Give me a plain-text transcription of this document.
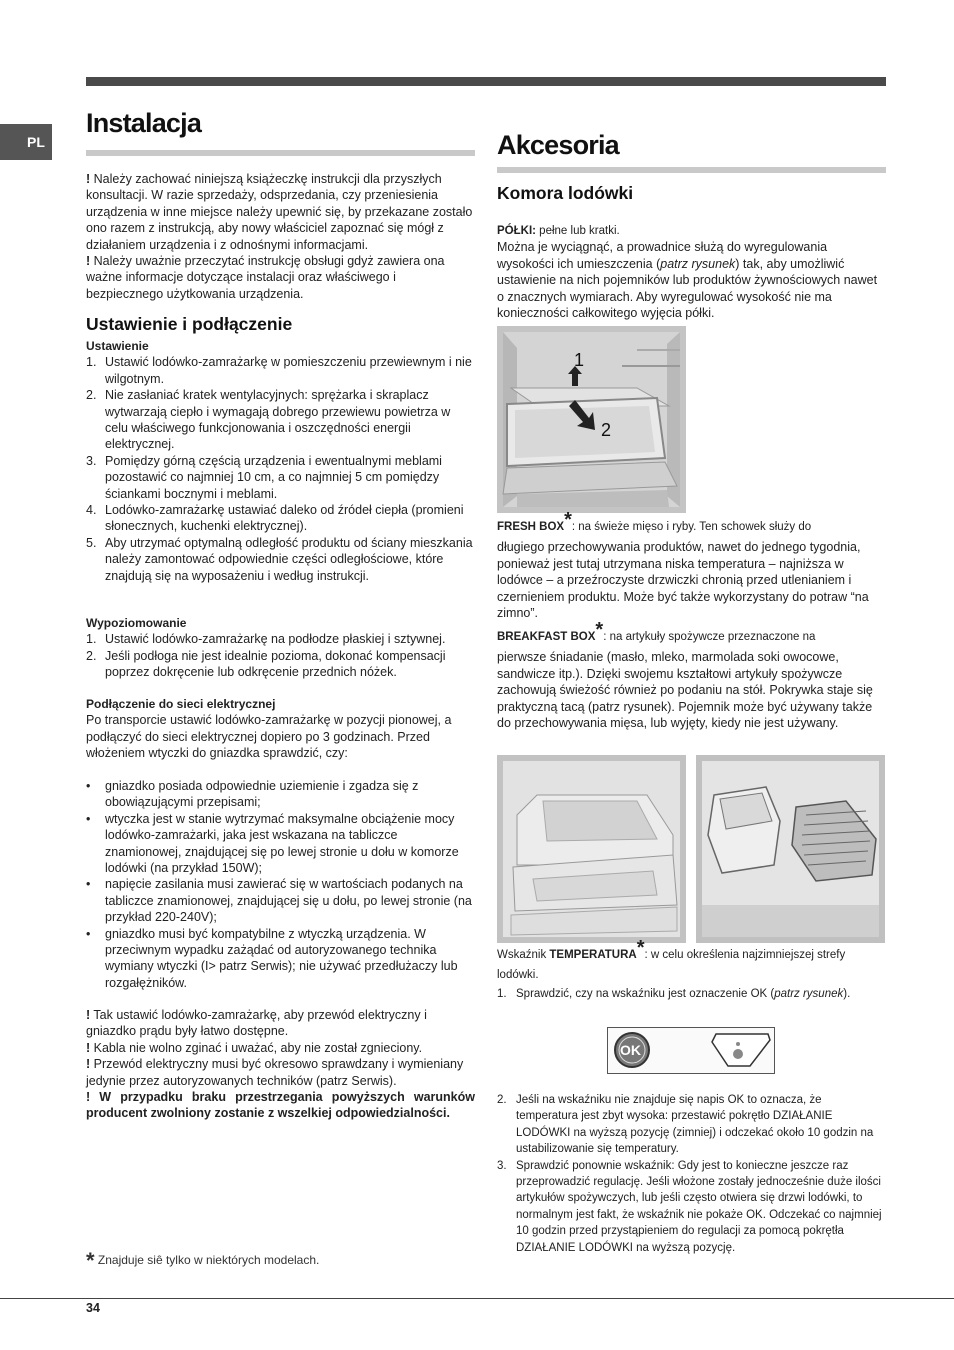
PL
Instalacja

! Należy zachować niniejszą książeczkę instrukcji dla przyszłych konsultacji. W razie sprzedaży, odsprzedania, czy przeniesienia urządzenia w inne miejsce należy upewnić się, by przekazane zostało ono razem z instrukcją, aby nowy właściciel zapoznać się mógł z działaniem urządzenia i z odnośnymi informacjami.

! Należy uważnie przeczytać instrukcję obsługi gdyż zawiera ona ważne informacje dotyczące instalacji oraz właściwego i bezpiecznego użytkowania urządzenia.

Ustawienie i podłączenie

Ustawienie

1. Ustawić lodówko-zamrażarkę w pomieszczeniu przewiewnym i nie wilgotnym.
2. Nie zasłaniać kratek wentylacyjnych: sprężarka i skraplacz wytwarzają ciepło i wymagają dobrego przewiewu powietrza w celu właściwego funkcjonowania i oszczędności energii elektrycznej.
3. Pomiędzy górną częścią urządzenia i ewentualnymi meblami pozostawić co najmniej 10 cm, a co najmniej 5 cm pomiędzy ściankami bocznymi i meblami.
4. Lodówko-zamrażarkę ustawiać daleko od źródeł ciepła (promieni słonecznych, kuchenki elektrycznej).
5. Aby utrzymać optymalną odległość produktu od ściany mieszkania należy zamontować odpowiednie części odległościowe, które znajdują się na wyposażeniu i według instrukcji.

Wypoziomowanie

1. Ustawić lodówko-zamrażarkę na podłodze płaskiej i sztywnej.
2. Jeśli podłoga nie jest idealnie pozioma, dokonać kompensacji poprzez dokręcenie lub odkręcenie przednich nóżek.

Podłączenie do sieci elektrycznej

Po transporcie ustawić lodówko-zamrażarkę w pozycji pionowej, a podłączyć do sieci elektrycznej dopiero po 3 godzinach. Przed włożeniem wtyczki do gniazdka sprawdzić, czy:

• gniazdko posiada odpowiednie uziemienie i zgadza się z obowiązującymi przepisami;
• wtyczka jest w stanie wytrzymać maksymalne obciążenie mocy lodówko-zamrażarki, jaka jest wskazana na tabliczce znamionowej, znajdującej się po lewej stronie u dołu w komorze lodówki (na przykład 150W);
• napięcie zasilania musi zawierać się w wartościach podanych na tabliczce znamionowej, znajdującej się u dołu, po lewej stronie (na przykład 220-240V);
• gniazdko musi być kompatybilne z wtyczką urządzenia. W przeciwnym wypadku zażądać od autoryzowanego technika wymiany wtyczki (I> patrz Serwis); nie używać przedłużaczy lub rozgałężników.

! Tak ustawić lodówko-zamrażarkę, aby przewód elektryczny i gniazdko prądu były łatwo dostępne.

! Kabla nie wolno zginać i uważać, aby nie został zgnieciony.

! Przewód elektryczny musi być okresowo sprawdzany i wymieniany jedynie przez autoryzowanych techników (patrz Serwis).

! W przypadku braku przestrzegania powyższych warunków producent zwolniony zostanie z wszelkiej odpowiedzialności.

* Znajduje siê tylko w niektórych modelach.
Akcesoria
Komora lodówki

PÓŁKI: pełne lub kratki.

Można je wyciągnąć, a prowadnice służą do wyregulowania wysokości ich umieszczenia (patrz rysunek) tak, aby umożliwić ustawienie na nich pojemników lub produktów żywnościowych nawet o znacznych wymiarach. Aby wyregulować wysokość nie ma konieczności całkowitego wyjęcia półki.

1
2

FRESH BOX*: na świeże mięso i ryby. Ten schowek służy do

długiego przechowywania produktów, nawet do jednego tygodnia, ponieważ jest tutaj utrzymana niska temperatura – najniższa w lodówce – a przeźroczyste drzwiczki chronią przed utlenianiem i czernieniem produktu. Może być także wykorzystany do potraw “na zimno”.

BREAKFAST BOX*: na artykuły spożywcze przeznaczone na

pierwsze śniadanie (masło, mleko, marmolada soki owocowe, sandwicze itp.). Dzięki swojemu kształtowi artykuły spożywcze zachowują świeżość również po podaniu na stół. Pokrywka staje się praktyczną tacą (patrz rysunek). Pojemnik może być używany także do przechowywania mięsa, lub wyjęty, kiedy nie jest używany.

Wskaźnik TEMPERATURA*: w celu określenia najzimniejszej strefy

lodówki.

1. Sprawdzić, czy na wskaźniku jest oznaczenie OK (patrz rysunek).
OK
2. Jeśli na wskaźniku nie znajduje się napis OK to oznacza, że temperatura jest zbyt wysoka: przestawić pokrętło DZIAŁANIE LODÓWKI na wyższą pozycję (zimniej) i odczekać około 10 godzin na ustabilizowanie się temperatury.
3. Sprawdzić ponownie wskaźnik: Gdy jest to konieczne jeszcze raz przeprowadzić regulację. Jeśli włożone zostały jednocześnie duże ilości artykułów spożywczych, lub jeśli często otwiera się drzwi lodówki, to normalnym jest fakt, że wskaźnik nie pokaże OK. Odczekać co najmniej 10 godzin przed przystąpieniem do regulacji za pomocą pokrętła DZIAŁANIE LODÓWKI na wyższą pozycję.
34
